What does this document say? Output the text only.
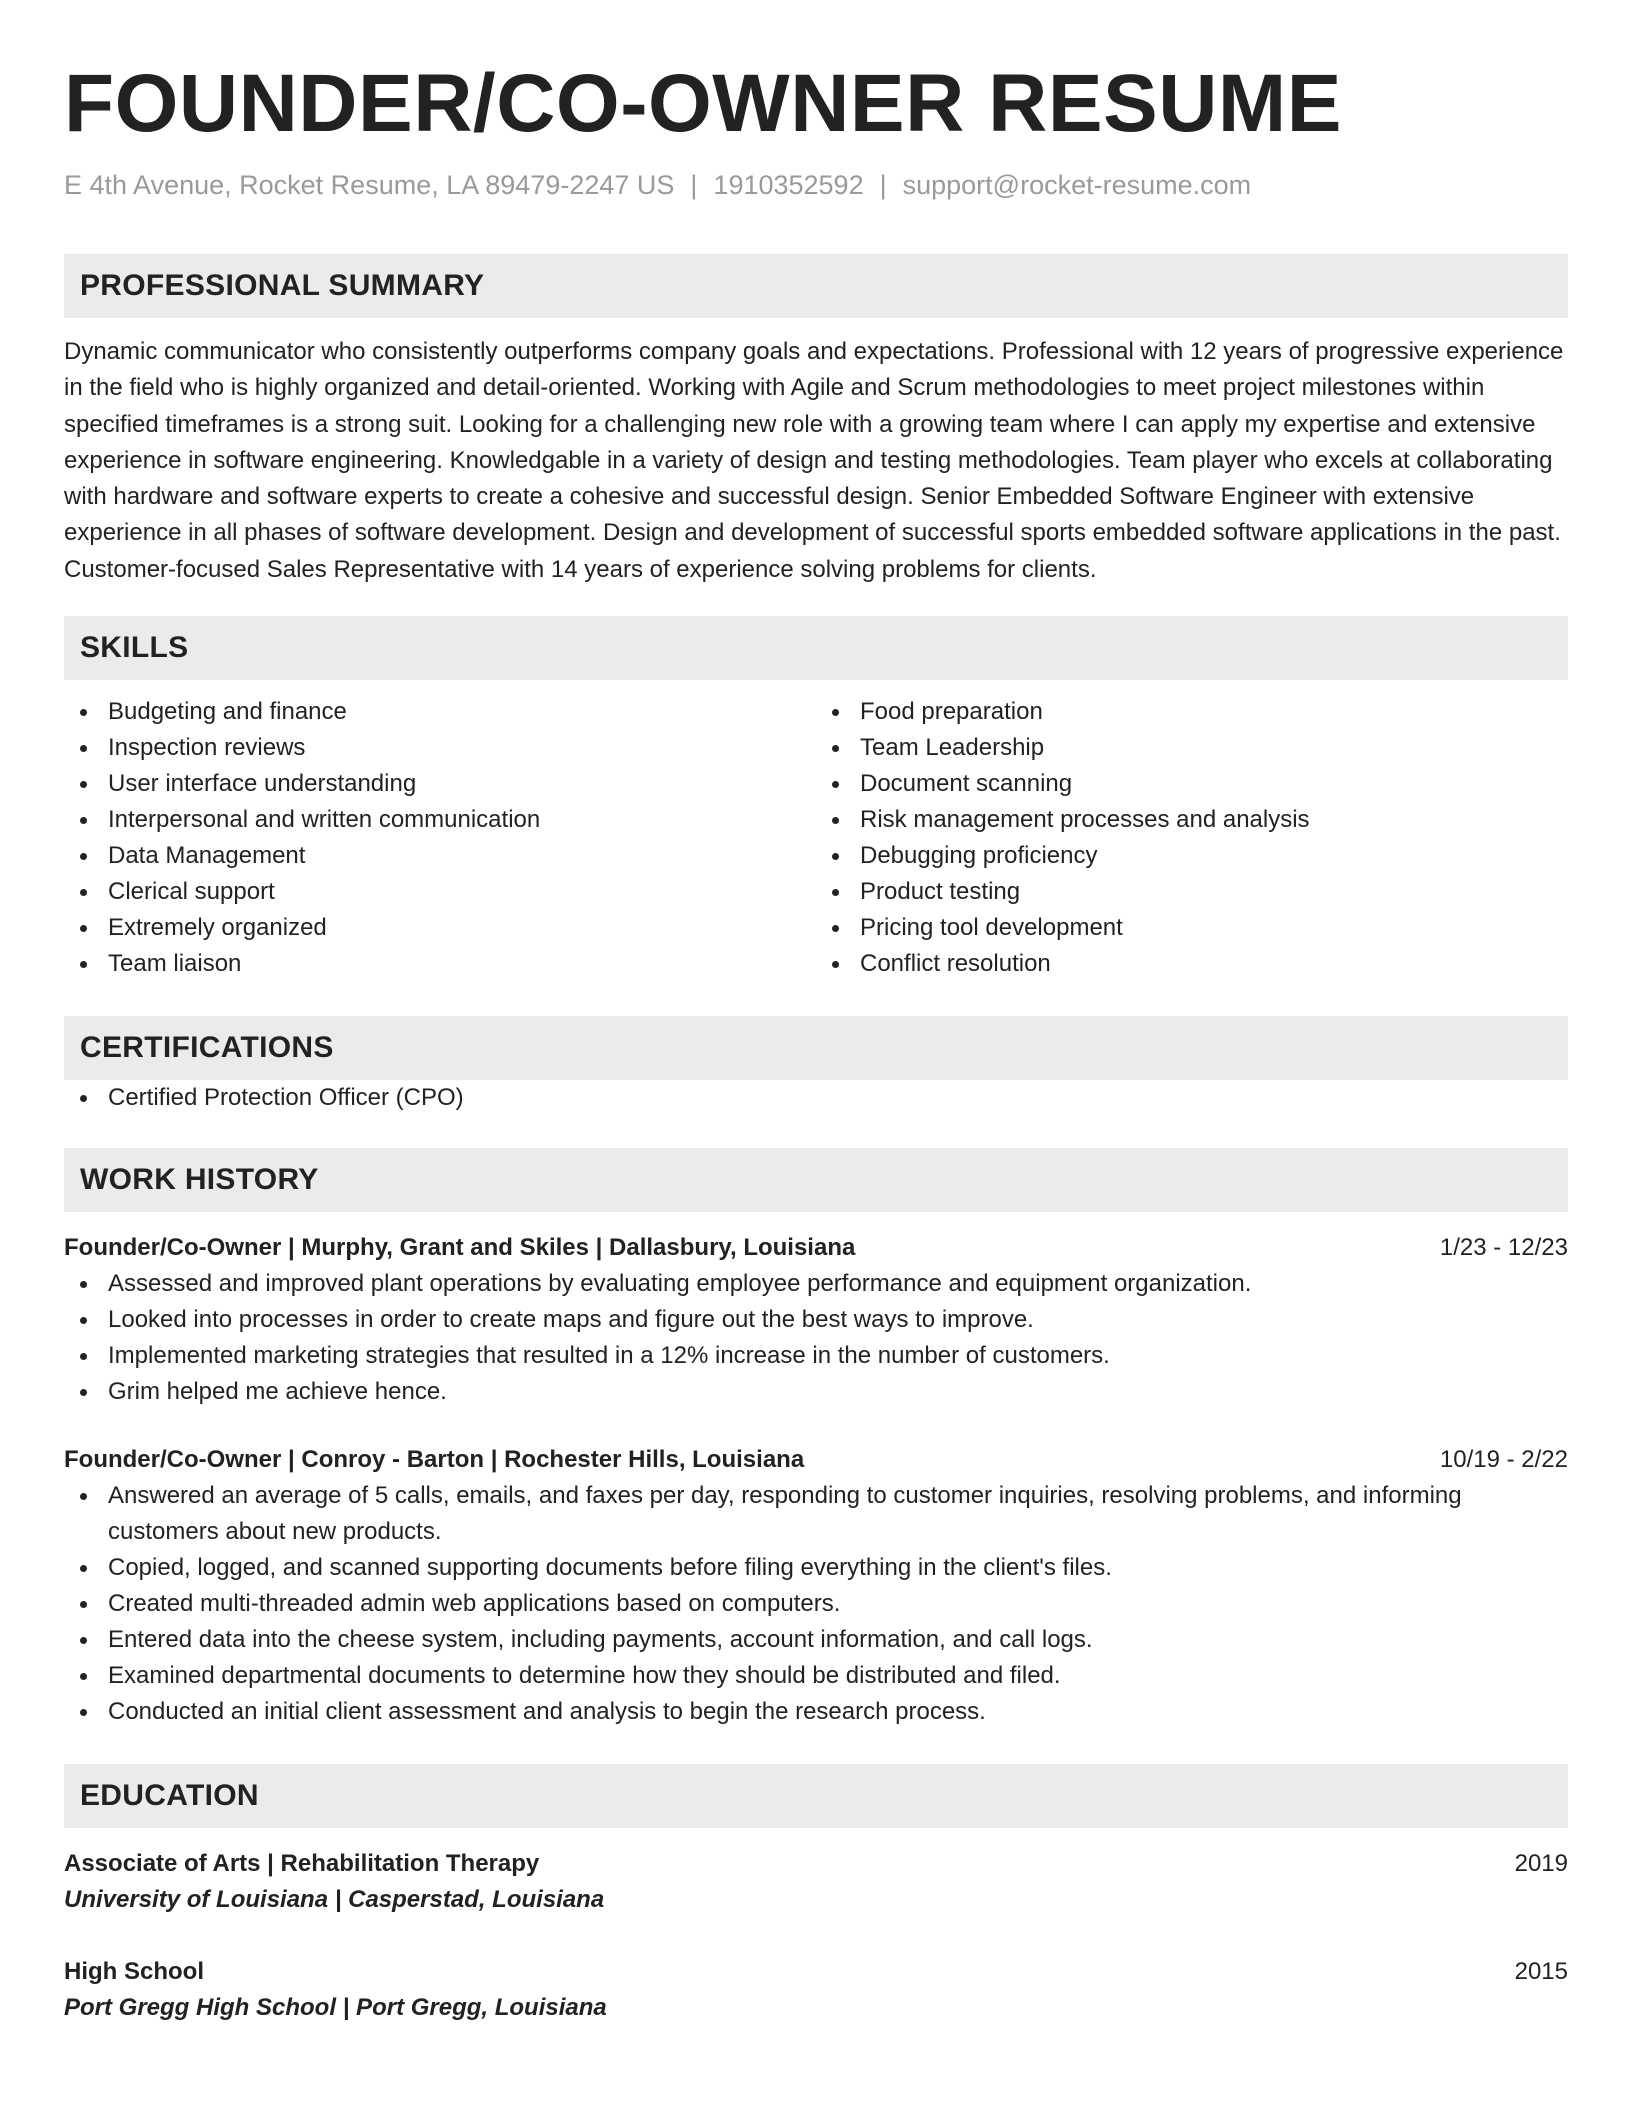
FOUNDER/CO-OWNER RESUME
E 4th Avenue, Rocket Resume, LA 89479-2247 US | 1910352592 | support@rocket-resume.com
PROFESSIONAL SUMMARY

Dynamic communicator who consistently outperforms company goals and expectations. Professional with 12 years of progressive experience in the field who is highly organized and detail-oriented. Working with Agile and Scrum methodologies to meet project milestones within specified timeframes is a strong suit. Looking for a challenging new role with a growing team where I can apply my expertise and extensive experience in software engineering. Knowledgable in a variety of design and testing methodologies. Team player who excels at collaborating with hardware and software experts to create a cohesive and successful design. Senior Embedded Software Engineer with extensive experience in all phases of software development. Design and development of successful sports embedded software applications in the past. Customer-focused Sales Representative with 14 years of experience solving problems for clients.

SKILLS
Budgeting and finance
Inspection reviews
User interface understanding
Interpersonal and written communication
Data Management
Clerical support
Extremely organized
Team liaison
Food preparation
Team Leadership
Document scanning
Risk management processes and analysis
Debugging proficiency
Product testing
Pricing tool development
Conflict resolution
CERTIFICATIONS
Certified Protection Officer (CPO)
WORK HISTORY
Founder/Co-Owner | Murphy, Grant and Skiles | Dallasbury, Louisiana	1/23 - 12/23
Assessed and improved plant operations by evaluating employee performance and equipment organization.
Looked into processes in order to create maps and figure out the best ways to improve.
Implemented marketing strategies that resulted in a 12% increase in the number of customers.
Grim helped me achieve hence.
Founder/Co-Owner | Conroy - Barton | Rochester Hills, Louisiana	10/19 - 2/22
Answered an average of 5 calls, emails, and faxes per day, responding to customer inquiries, resolving problems, and informing customers about new products.
Copied, logged, and scanned supporting documents before filing everything in the client's files.
Created multi-threaded admin web applications based on computers.
Entered data into the cheese system, including payments, account information, and call logs.
Examined departmental documents to determine how they should be distributed and filed.
Conducted an initial client assessment and analysis to begin the research process.
EDUCATION
Associate of Arts | Rehabilitation Therapy	2019
University of Louisiana | Casperstad, Louisiana
High School	2015
Port Gregg High School | Port Gregg, Louisiana
